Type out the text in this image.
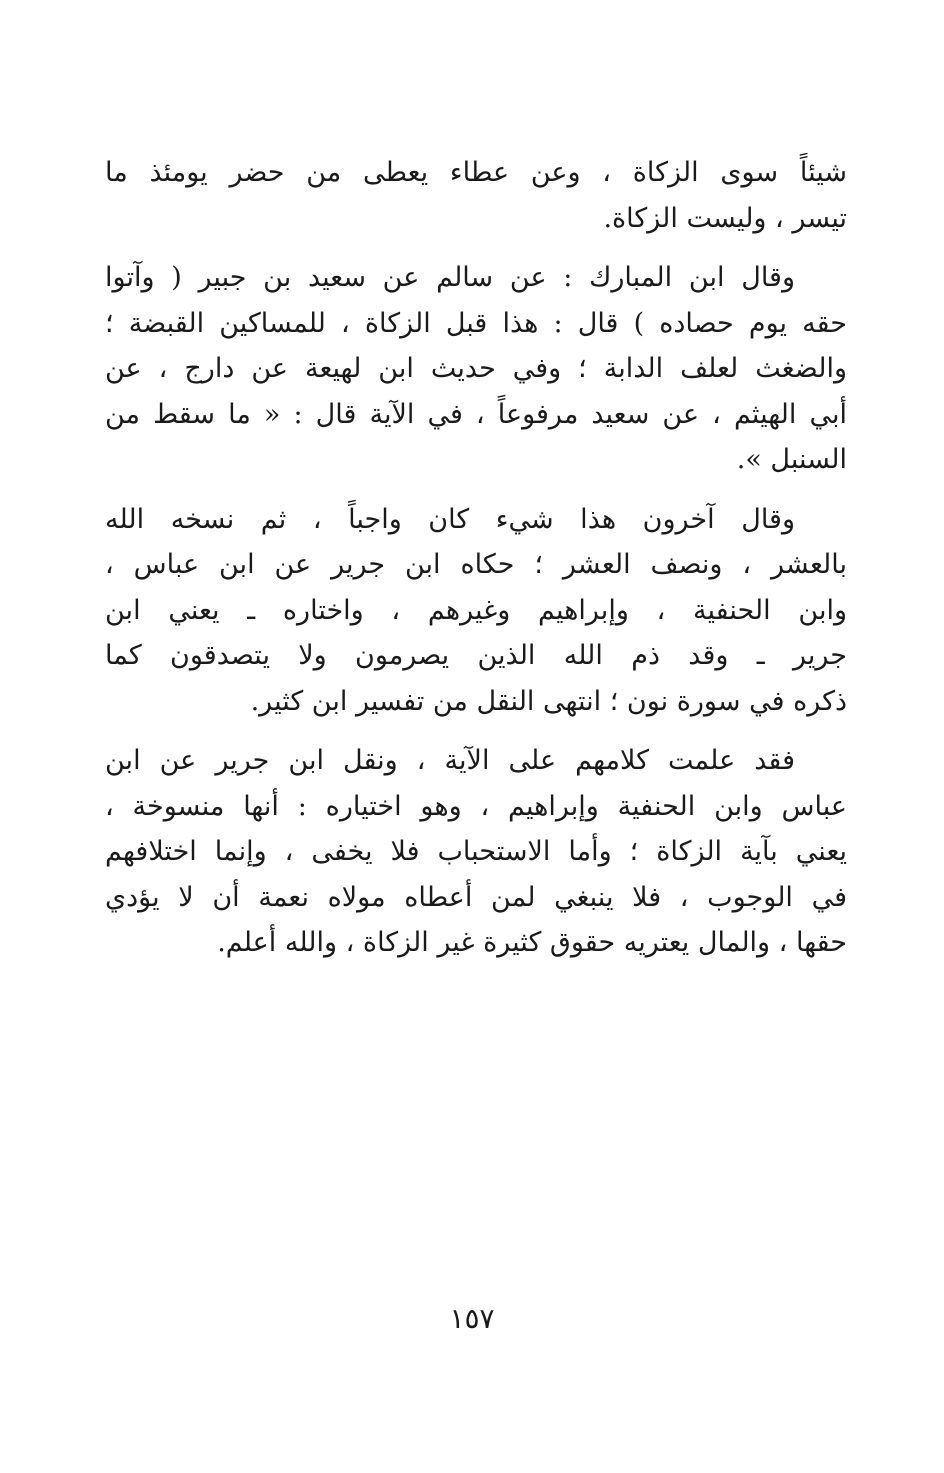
شيئاً سوى الزكاة ، وعن عطاء يعطى من حضر يومئذ ما
تيسر ، وليست الزكاة.
وقال ابن المبارك : عن سالم عن سعيد بن جبير ( وآتوا
حقه يوم حصاده ) قال : هذا قبل الزكاة ، للمساكين القبضة ؛
والضغث لعلف الدابة ؛ وفي حديث ابن لهيعة عن دارج ، عن
أبي الهيثم ، عن سعيد مرفوعاً ، في الآية قال : « ما سقط من
السنبل ».
وقال آخرون هذا شيء كان واجباً ، ثم نسخه الله
بالعشر ، ونصف العشر ؛ حكاه ابن جرير عن ابن عباس ،
وابن الحنفية ، وإبراهيم وغيرهم ، واختاره ـ يعني ابن
جرير ـ وقد ذم الله الذين يصرمون ولا يتصدقون كما
ذكره في سورة نون ؛ انتهى النقل من تفسير ابن كثير.
فقد علمت كلامهم على الآية ، ونقل ابن جرير عن ابن
عباس وابن الحنفية وإبراهيم ، وهو اختياره : أنها منسوخة ،
يعني بآية الزكاة ؛ وأما الاستحباب فلا يخفى ، وإنما اختلافهم
في الوجوب ، فلا ينبغي لمن أعطاه مولاه نعمة أن لا يؤدي
حقها ، والمال يعتريه حقوق كثيرة غير الزكاة ، والله أعلم.
١٥٧
